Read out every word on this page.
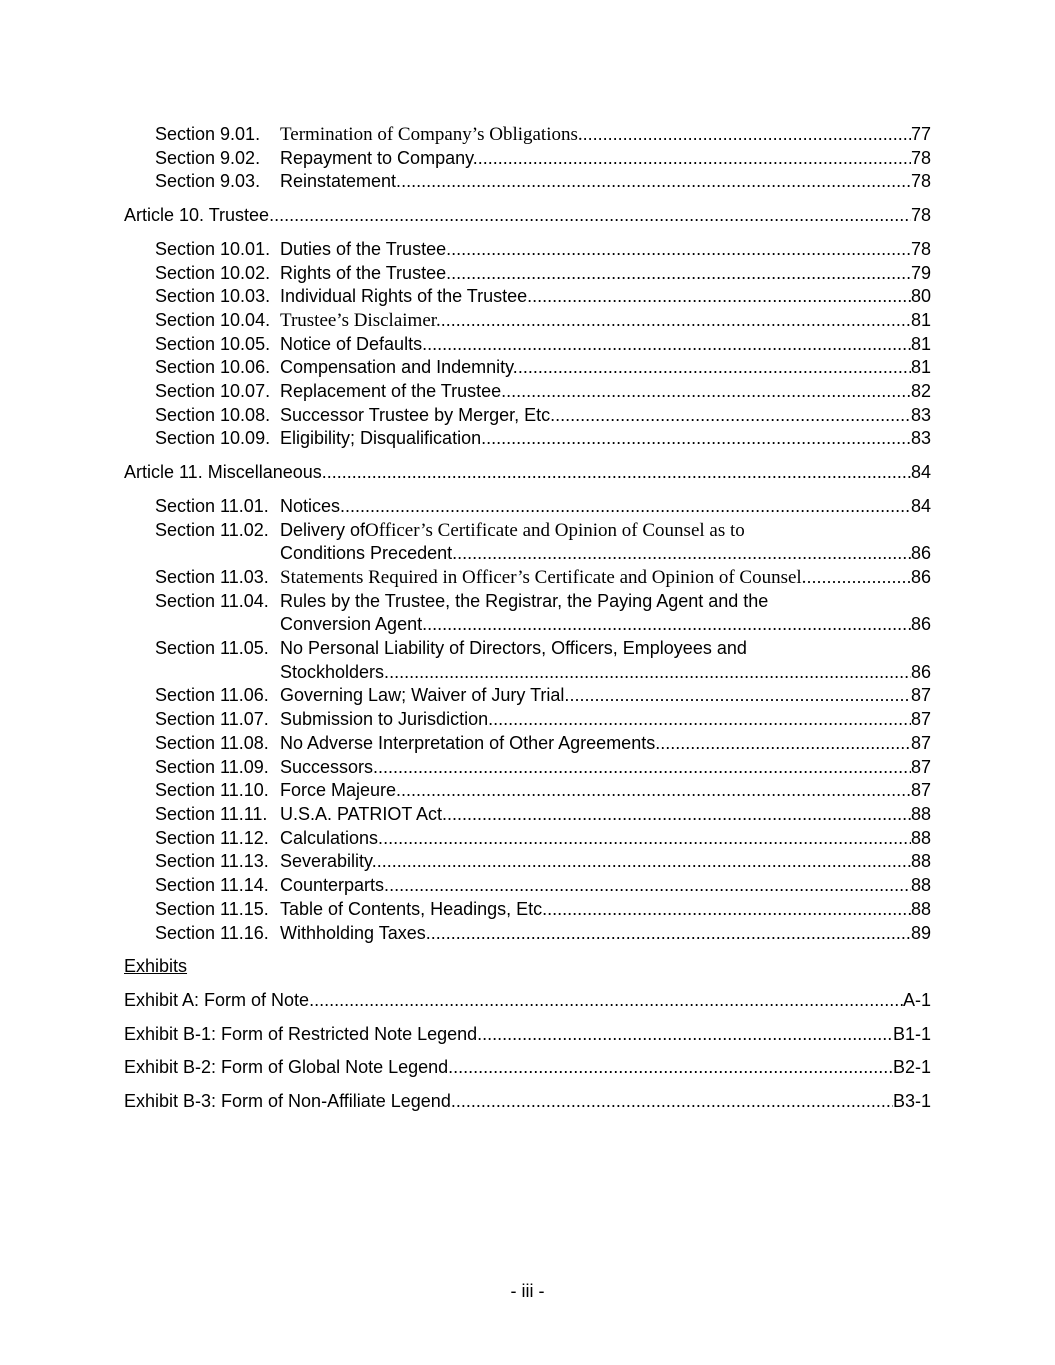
Section 9.01.	Termination of Company’s Obligations. .....	77
Section 9.02.	Repayment to Company. .....	78
Section 9.03.	Reinstatement. .....	78
Article 10. Trustee .....	78
Section 10.01. Duties of the Trustee. .....	78
Section 10.02. Rights of the Trustee. .....	79
Section 10.03. Individual Rights of the Trustee. .....	80
Section 10.04. Trustee’s Disclaimer. .....	81
Section 10.05. Notice of Defaults. .....	81
Section 10.06. Compensation and Indemnity. .....	81
Section 10.07. Replacement of the Trustee. .....	82
Section 10.08. Successor Trustee by Merger, Etc. .....	83
Section 10.09. Eligibility; Disqualification. .....	83
Article 11. Miscellaneous .....	84
Section 11.01. Notices. .....	84
Section 11.02. Delivery of Officer’s Certificate and Opinion of Counsel as to
Conditions Precedent. .....	86
Section 11.03. Statements Required in Officer’s Certificate and Opinion of Counsel. .....	86
Section 11.04. Rules by the Trustee, the Registrar, the Paying Agent and the
Conversion Agent. .....	86
Section 11.05. No Personal Liability of Directors, Officers, Employees and
Stockholders. .....	86
Section 11.06. Governing Law; Waiver of Jury Trial. .....	87
Section 11.07. Submission to Jurisdiction. .....	87
Section 11.08. No Adverse Interpretation of Other Agreements. .....	87
Section 11.09. Successors. .....	87
Section 11.10. Force Majeure. .....	87
Section 11.11. U.S.A. PATRIOT Act. .....	88
Section 11.12. Calculations. .....	88
Section 11.13. Severability. .....	88
Section 11.14. Counterparts. .....	88
Section 11.15. Table of Contents, Headings, Etc. .....	88
Section 11.16. Withholding Taxes. .....	89
Exhibits
Exhibit A: Form of Note .....	A-1
Exhibit B-1: Form of Restricted Note Legend .....	B1-1
Exhibit B-2: Form of Global Note Legend .....	B2-1
Exhibit B-3: Form of Non-Affiliate Legend .....	B3-1
- iii -
